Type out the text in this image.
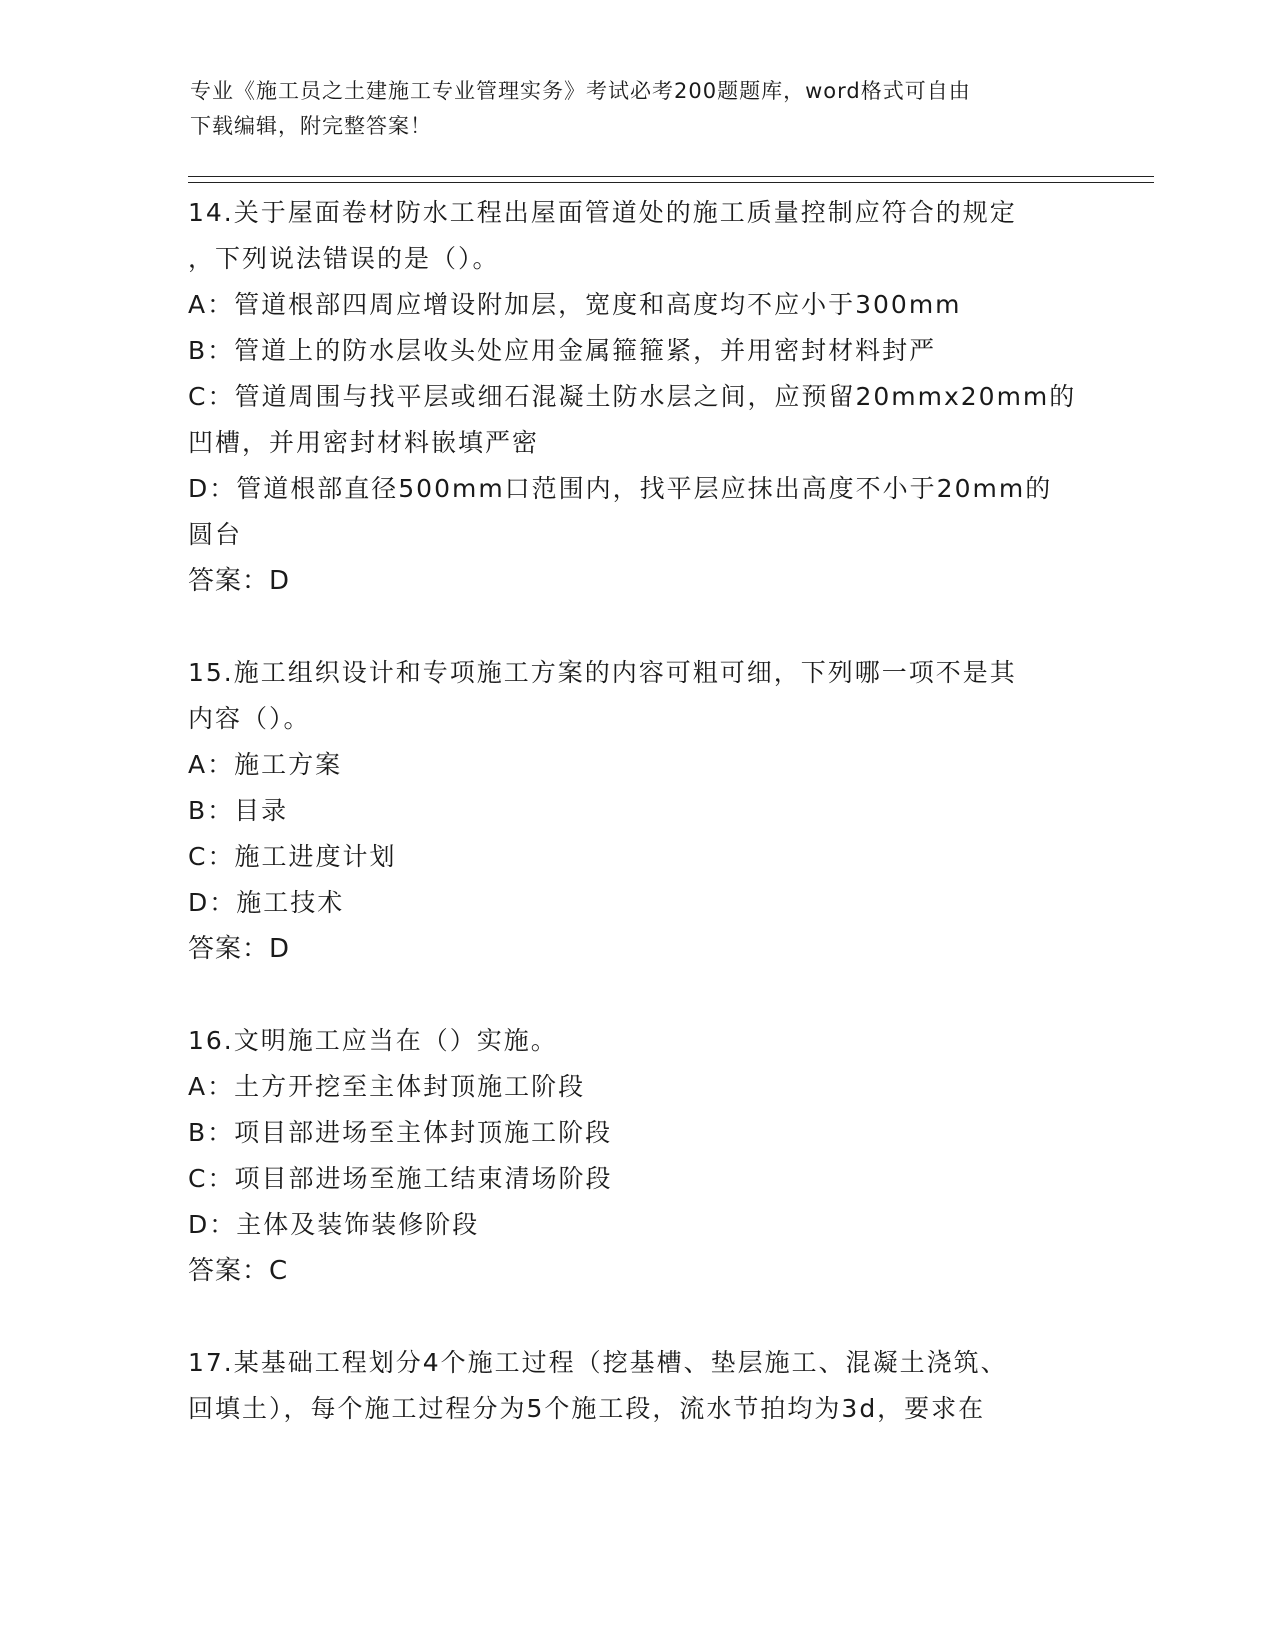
专业《施工员之土建施工专业管理实务》考试必考200题题库，word格式可自由
下载编辑，附完整答案！
14.关于屋面卷材防水工程出屋面管道处的施工质量控制应符合的规定
，下列说法错误的是（）。
A：管道根部四周应增设附加层，宽度和高度均不应小于300mm
B：管道上的防水层收头处应用金属箍箍紧，并用密封材料封严
C：管道周围与找平层或细石混凝土防水层之间，应预留20mmx20mm的
凹槽，并用密封材料嵌填严密
D：管道根部直径500mm口范围内，找平层应抹出高度不小于20mm的
圆台
答案：D
15.施工组织设计和专项施工方案的内容可粗可细，下列哪一项不是其
内容（）。
A：施工方案
B：目录
C：施工进度计划
D：施工技术
答案：D
16.文明施工应当在（）实施。
A：土方开挖至主体封顶施工阶段
B：项目部进场至主体封顶施工阶段
C：项目部进场至施工结束清场阶段
D：主体及装饰装修阶段
答案：C
17.某基础工程划分4个施工过程（挖基槽、垫层施工、混凝土浇筑、
回填土），每个施工过程分为5个施工段，流水节拍均为3d，要求在
